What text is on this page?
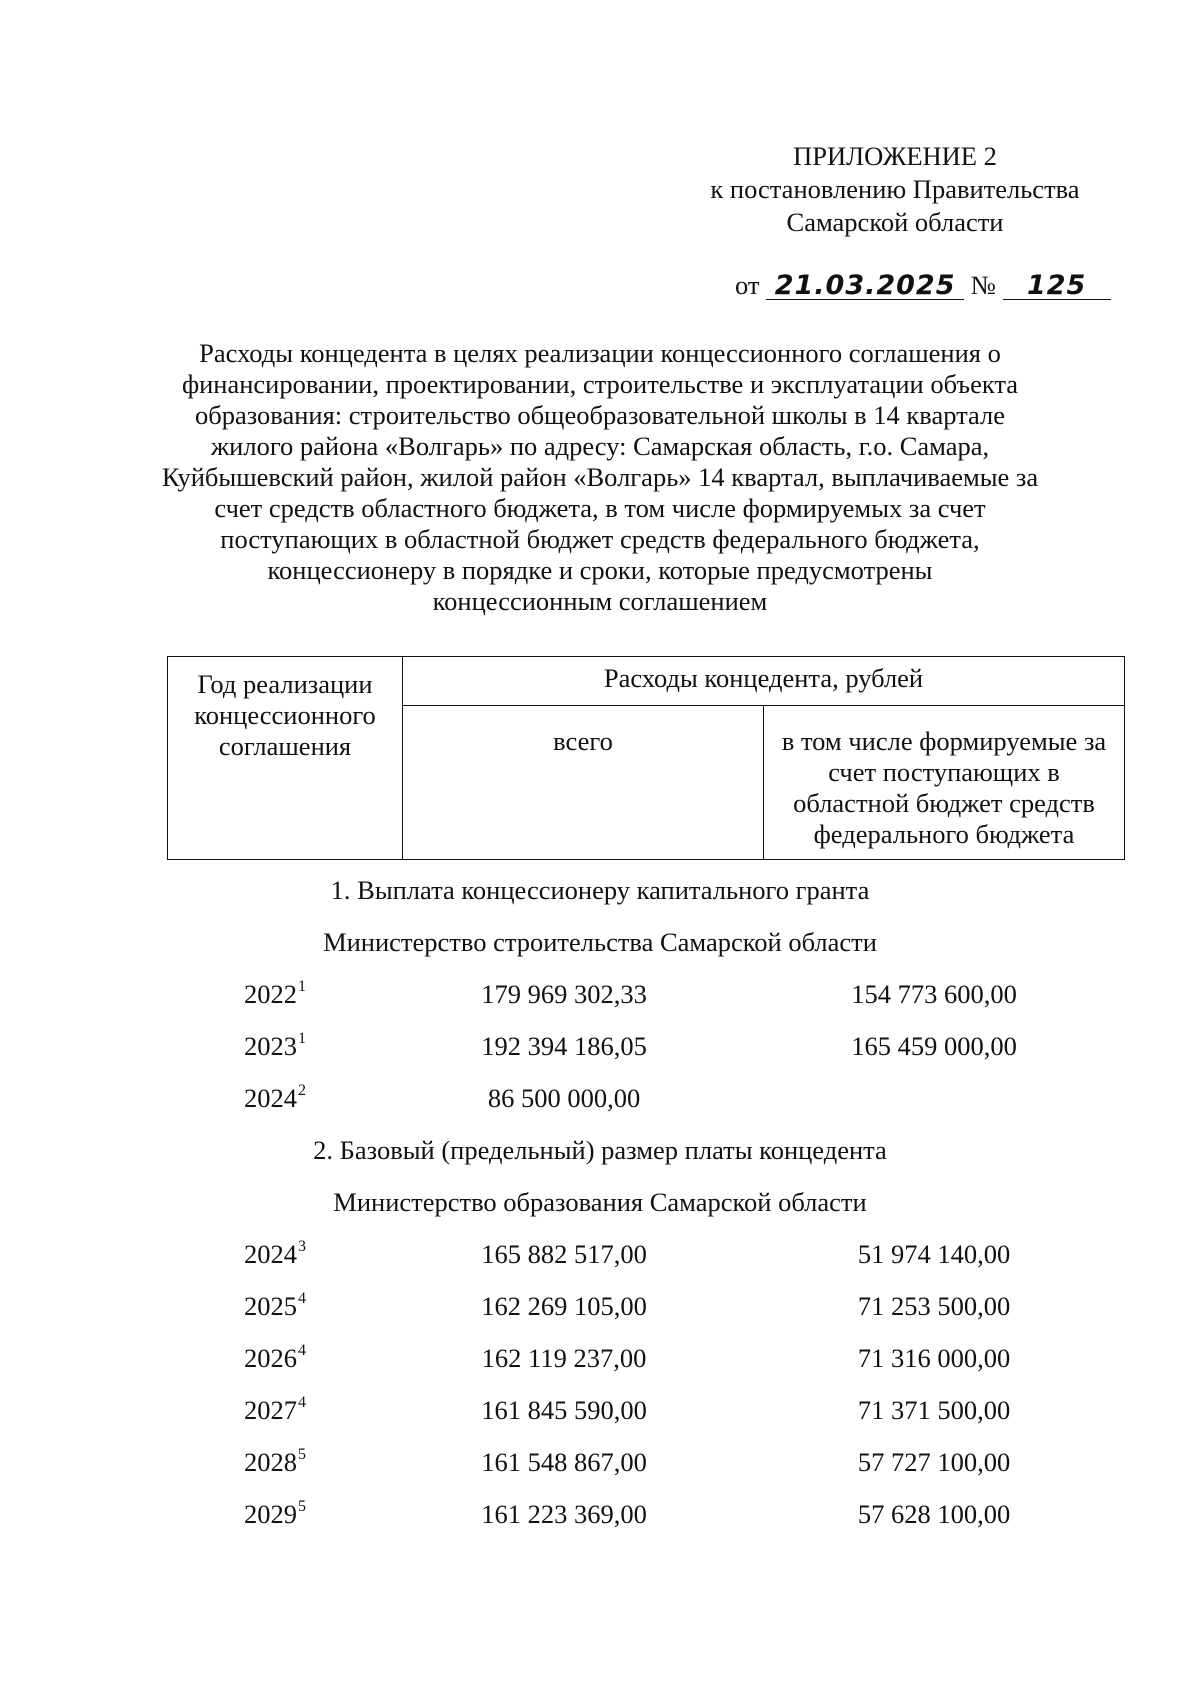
ПРИЛОЖЕНИЕ 2
к постановлению Правительства
Самарской области
от 21.03.2025 № 125
Расходы концедента в целях реализации концессионного соглашения о
финансировании, проектировании, строительстве и эксплуатации объекта
образования: строительство общеобразовательной школы в 14 квартале
жилого района «Волгарь» по адресу: Самарская область, г.о. Самара,
Куйбышевский район, жилой район «Волгарь» 14 квартал, выплачиваемые за
счет средств областного бюджета, в том числе формируемых за счет
поступающих в областной бюджет средств федерального бюджета,
концессионеру в порядке и сроки, которые предусмотрены
концессионным соглашением
Год реализации
концессионного
соглашения	Расходы концедента, рублей	
	всего	в том числе формируемые за
счет поступающих в
областной бюджет средств
федерального бюджета
1. Выплата концессионеру капитального гранта
Министерство строительства Самарской области
2022$^1$	179 969 302,33	154 773 600,00
2023$^1$	192 394 186,05	165 459 000,00
2024$^2$	86 500 000,00
2. Базовый (предельный) размер платы концедента
Министерство образования Самарской области
2024$^3$	165 882 517,00	51 974 140,00
2025$^4$	162 269 105,00	71 253 500,00
2026$^4$	162 119 237,00	71 316 000,00
2027$^4$	161 845 590,00	71 371 500,00
2028$^5$	161 548 867,00	57 727 100,00
2029$^5$	161 223 369,00	57 628 100,00
